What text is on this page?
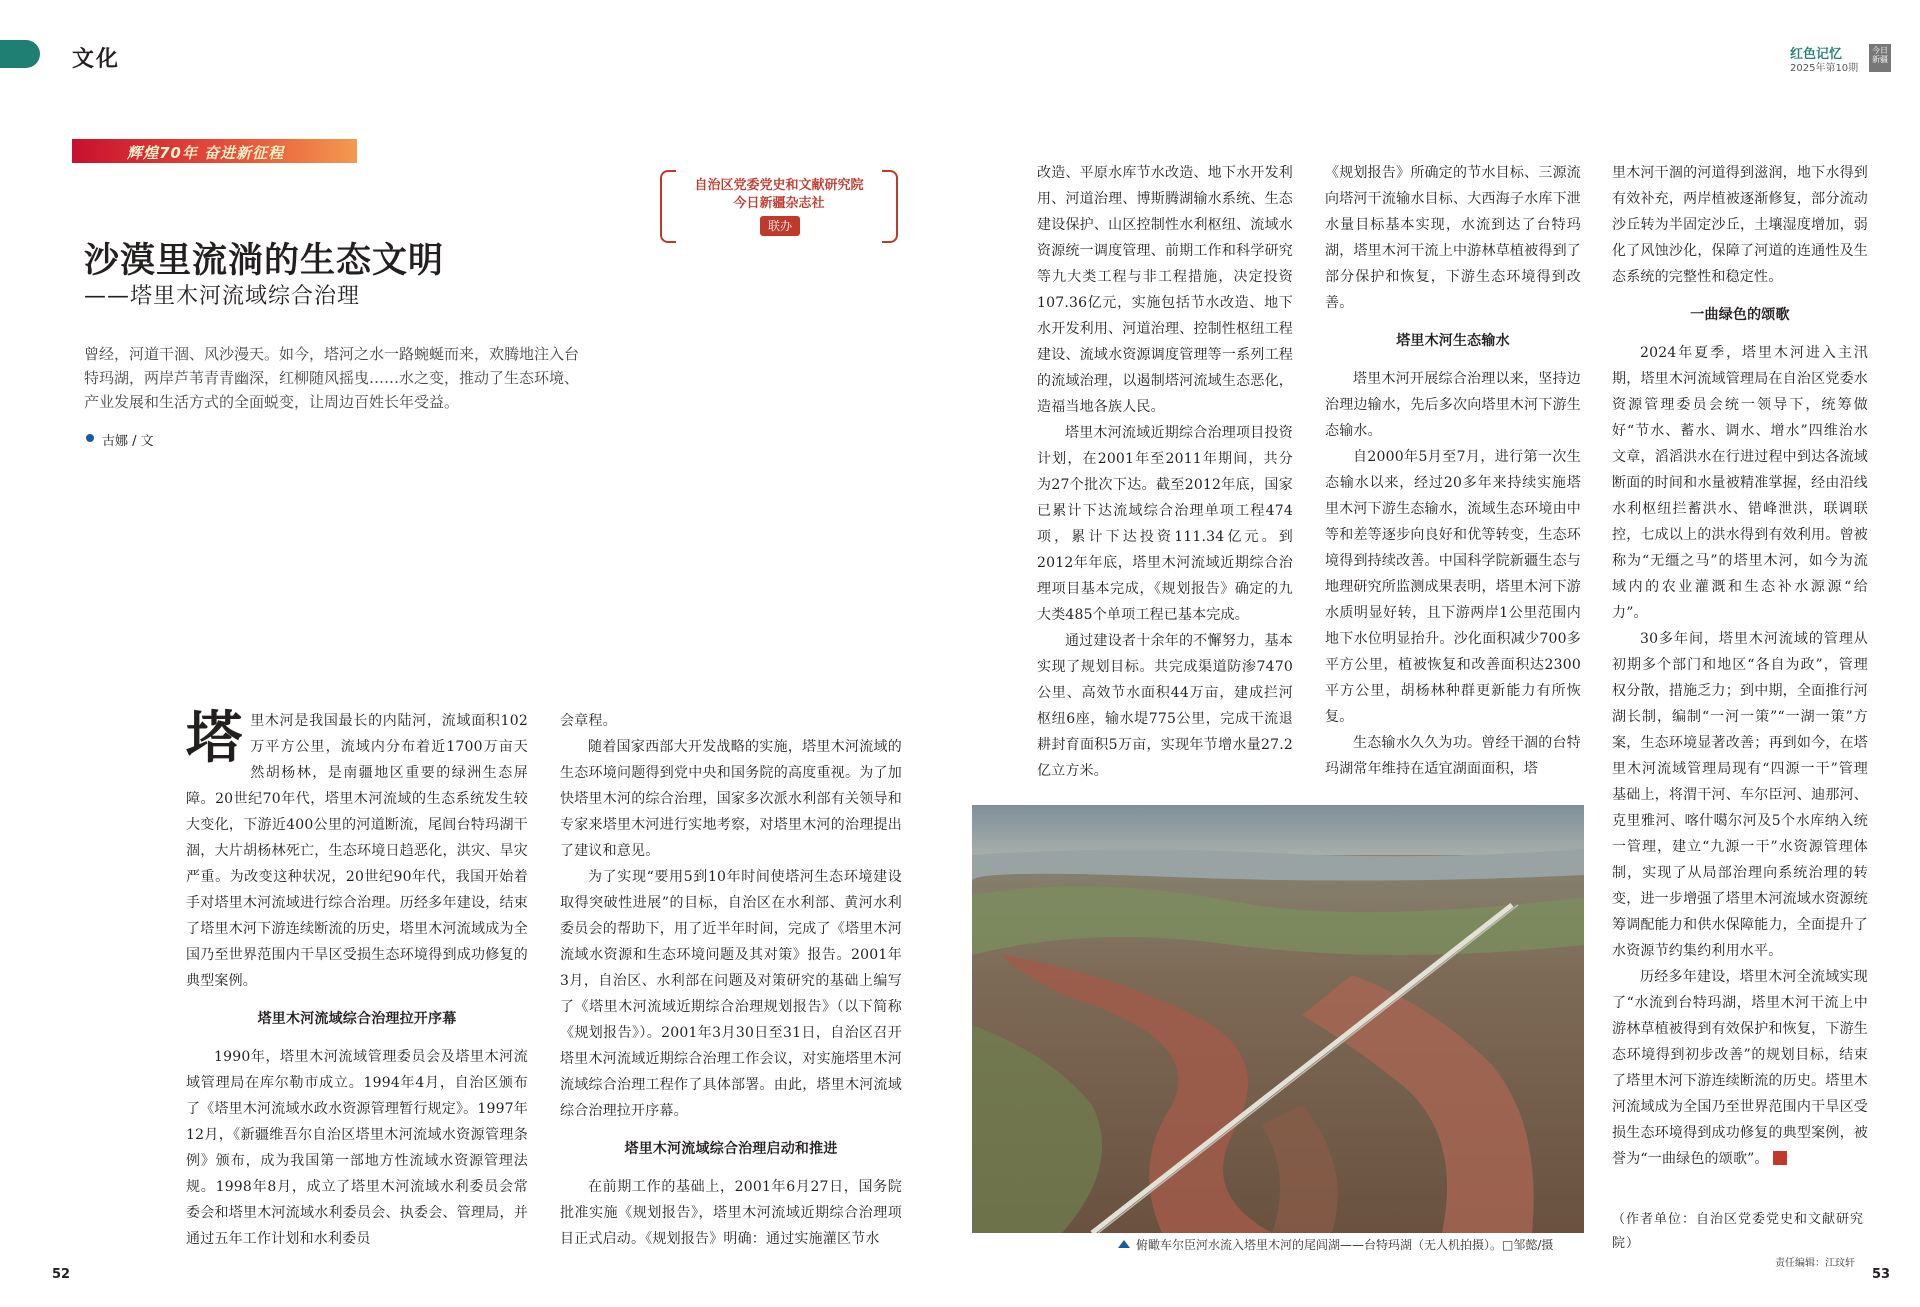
文化	红色记忆
2025年第10期
今日新疆
辉煌70年 奋进新征程
自治区党委党史和文献研究院
今日新疆杂志社
联办
沙漠里流淌的生态文明
——塔里木河流域综合治理
曾经，河道干涸、风沙漫天。如今，塔河之水一路蜿蜒而来，欢腾地注入台特玛湖，两岸芦苇青青幽深，红柳随风摇曳……水之变，推动了生态环境、产业发展和生活方式的全面蜕变，让周边百姓长年受益。
古娜 / 文
塔 里木河是我国最长的内陆河，流域面积102万平方公里，流域内分布着近1700万亩天然胡杨林，是南疆地区重要的绿洲生态屏障。20世纪70年代，塔里木河流域的生态系统发生较大变化，下游近400公里的河道断流，尾闾台特玛湖干涸，大片胡杨林死亡，生态环境日趋恶化，洪灾、旱灾严重。为改变这种状况，20世纪90年代，我国开始着手对塔里木河流域进行综合治理。历经多年建设，结束了塔里木河下游连续断流的历史，塔里木河流域成为全国乃至世界范围内干旱区受损生态环境得到成功修复的典型案例。

塔里木河流域综合治理拉开序幕

1990年，塔里木河流域管理委员会及塔里木河流域管理局在库尔勒市成立。1994年4月，自治区颁布了《塔里木河流域水政水资源管理暂行规定》。1997年12月，《新疆维吾尔自治区塔里木河流域水资源管理条例》颁布，成为我国第一部地方性流域水资源管理法规。1998年8月，成立了塔里木河流域水利委员会常委会和塔里木河流域水利委员会、执委会、管理局，并通过五年工作计划和水利委员

会章程。

随着国家西部大开发战略的实施，塔里木河流域的生态环境问题得到党中央和国务院的高度重视。为了加快塔里木河的综合治理，国家多次派水利部有关领导和专家来塔里木河进行实地考察，对塔里木河的治理提出了建议和意见。

为了实现“要用5到10年时间使塔河生态环境建设取得突破性进展”的目标，自治区在水利部、黄河水利委员会的帮助下，用了近半年时间，完成了《塔里木河流域水资源和生态环境问题及其对策》报告。2001年3月，自治区、水利部在问题及对策研究的基础上编写了《塔里木河流域近期综合治理规划报告》（以下简称《规划报告》）。2001年3月30日至31日，自治区召开塔里木河流域近期综合治理工作会议，对实施塔里木河流域综合治理工程作了具体部署。由此，塔里木河流域综合治理拉开序幕。

塔里木河流域综合治理启动和推进

在前期工作的基础上，2001年6月27日，国务院批准实施《规划报告》，塔里木河流域近期综合治理项目正式启动。《规划报告》明确：通过实施灌区节水

改造、平原水库节水改造、地下水开发利用、河道治理、博斯腾湖输水系统、生态建设保护、山区控制性水利枢纽、流域水资源统一调度管理、前期工作和科学研究等九大类工程与非工程措施，决定投资107.36亿元，实施包括节水改造、地下水开发利用、河道治理、控制性枢纽工程建设、流域水资源调度管理等一系列工程的流域治理，以遏制塔河流域生态恶化，造福当地各族人民。

塔里木河流域近期综合治理项目投资计划，在2001年至2011年期间，共分为27个批次下达。截至2012年底，国家已累计下达流域综合治理单项工程474项，累计下达投资111.34亿元。到2012年年底，塔里木河流域近期综合治理项目基本完成，《规划报告》确定的九大类485个单项工程已基本完成。

通过建设者十余年的不懈努力，基本实现了规划目标。共完成渠道防渗7470公里、高效节水面积44万亩，建成拦河枢纽6座，输水堤775公里，完成干流退耕封育面积5万亩，实现年节增水量27.2亿立方米。

《规划报告》所确定的节水目标、三源流向塔河干流输水目标、大西海子水库下泄水量目标基本实现，水流到达了台特玛湖，塔里木河干流上中游林草植被得到了部分保护和恢复，下游生态环境得到改善。

塔里木河生态输水

塔里木河开展综合治理以来，坚持边治理边输水，先后多次向塔里木河下游生态输水。

自2000年5月至7月，进行第一次生态输水以来，经过20多年来持续实施塔里木河下游生态输水，流域生态环境由中等和差等逐步向良好和优等转变，生态环境得到持续改善。中国科学院新疆生态与地理研究所监测成果表明，塔里木河下游水质明显好转，且下游两岸1公里范围内地下水位明显抬升。沙化面积减少700多平方公里，植被恢复和改善面积达2300平方公里，胡杨林种群更新能力有所恢复。

生态输水久久为功。曾经干涸的台特玛湖常年维持在适宜湖面面积，塔

里木河干涸的河道得到滋润，地下水得到有效补充，两岸植被逐渐修复，部分流动沙丘转为半固定沙丘，土壤湿度增加，弱化了风蚀沙化，保障了河道的连通性及生态系统的完整性和稳定性。

一曲绿色的颂歌

2024年夏季，塔里木河进入主汛期，塔里木河流域管理局在自治区党委水资源管理委员会统一领导下，统筹做好“节水、蓄水、调水、增水”四维治水文章，滔滔洪水在行进过程中到达各流域断面的时间和水量被精准掌握，经由沿线水利枢纽拦蓄洪水、错峰泄洪，联调联控，七成以上的洪水得到有效利用。曾被称为“无缰之马”的塔里木河，如今为流域内的农业灌溉和生态补水源源“给力”。

30多年间，塔里木河流域的管理从初期多个部门和地区“各自为政”，管理权分散，措施乏力；到中期，全面推行河湖长制，编制“一河一策”“一湖一策”方案，生态环境显著改善；再到如今，在塔里木河流域管理局现有“四源一干”管理基础上，将渭干河、车尔臣河、迪那河、克里雅河、喀什噶尔河及5个水库纳入统一管理，建立“九源一干”水资源管理体制，实现了从局部治理向系统治理的转变，进一步增强了塔里木河流域水资源统筹调配能力和供水保障能力，全面提升了水资源节约集约利用水平。

历经多年建设，塔里木河全流域实现了“水流到台特玛湖，塔里木河干流上中游林草植被得到有效保护和恢复，下游生态环境得到初步改善”的规划目标，结束了塔里木河下游连续断流的历史。塔里木河流域成为全国乃至世界范围内干旱区受损生态环境得到成功修复的典型案例，被誉为“一曲绿色的颂歌”。

（作者单位：自治区党委党史和文献研究院）
俯瞰车尔臣河水流入塔里木河的尾闾湖——台特玛湖（无人机拍摄）。□邹懿/摄
52	53
责任编辑：江玟轩
